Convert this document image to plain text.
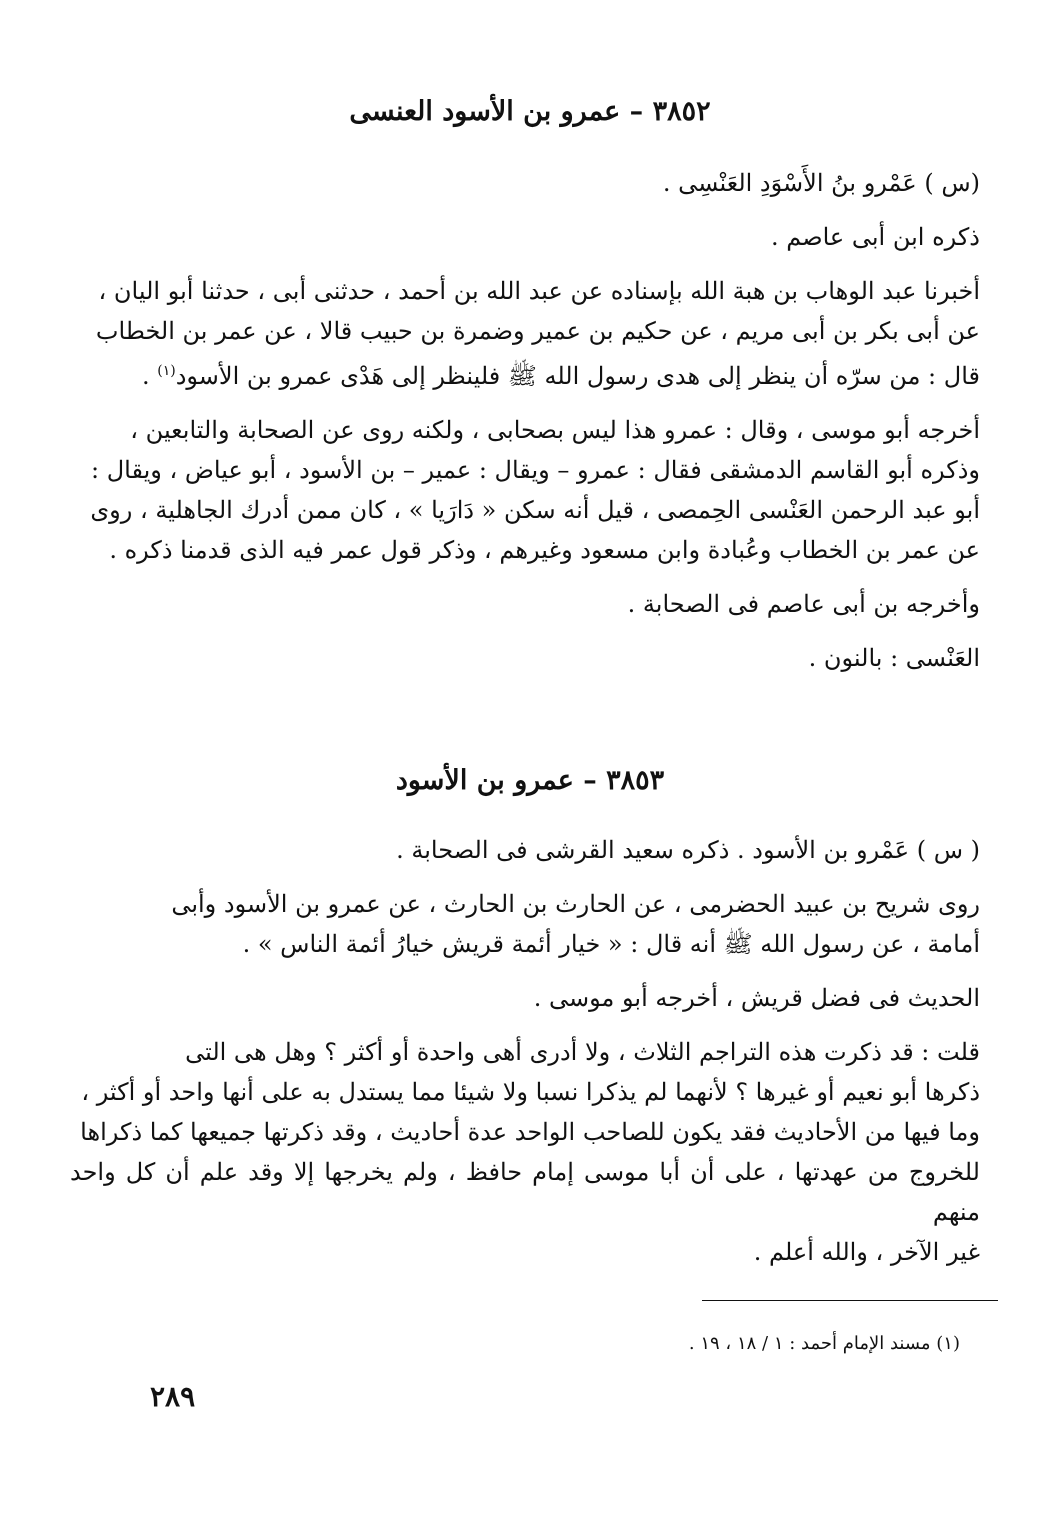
٣٨٥٢ – عمرو بن الأسود العنسى

(س ) عَمْرو بنُ الأَسْوَدِ العَنْسِى .

ذكره ابن أبى عاصم .

أخبرنا عبد الوهاب بن هبة الله بإسناده عن عبد الله بن أحمد ، حدثنى أبى ، حدثنا أبو اليان ،
عن أبى بكر بن أبى مريم ، عن حكيم بن عمير وضمرة بن حبيب قالا ، عن عمر بن الخطاب
قال : من سرّه أن ينظر إلى هدى رسول الله ﷺ فلينظر إلى هَدْى عمرو بن الأسود$^{(١)}$ .

أخرجه أبو موسى ، وقال : عمرو هذا ليس بصحابى ، ولكنه روى عن الصحابة والتابعين ،
وذكره أبو القاسم الدمشقى فقال : عمرو – ويقال : عمير – بن الأسود ، أبو عياض ، ويقال :
أبو عبد الرحمن العَنْسى الحِمصى ، قيل أنه سكن « دَارَيا » ، كان ممن أدرك الجاهلية ، روى
عن عمر بن الخطاب وعُبادة وابن مسعود وغيرهم ، وذكر قول عمر فيه الذى قدمنا ذكره .

وأخرجه بن أبى عاصم فى الصحابة .

العَنْسى : بالنون .

٣٨٥٣ – عمرو بن الأسود

( س ) عَمْرو بن الأسود . ذكره سعيد القرشى فى الصحابة .

روى شريح بن عبيد الحضرمى ، عن الحارث بن الحارث ، عن عمرو بن الأسود وأبى
أمامة ، عن رسول الله ﷺ أنه قال : « خيار أئمة قريش خيارُ أئمة الناس » .

الحديث فى فضل قريش ، أخرجه أبو موسى .

قلت : قد ذكرت هذه التراجم الثلاث ، ولا أدرى أهى واحدة أو أكثر ؟ وهل هى التى
ذكرها أبو نعيم أو غيرها ؟ لأنهما لم يذكرا نسبا ولا شيئا مما يستدل به على أنها واحد أو أكثر ،
وما فيها من الأحاديث فقد يكون للصاحب الواحد عدة أحاديث ، وقد ذكرتها جميعها كما ذكراها
للخروج من عهدتها ، على أن أبا موسى إمام حافظ ، ولم يخرجها إلا وقد علم أن كل واحد منهم
غير الآخر ، والله أعلم .

(١) مسند الإمام أحمد : ١ / ١٨ ، ١٩ .
٢٨٩
